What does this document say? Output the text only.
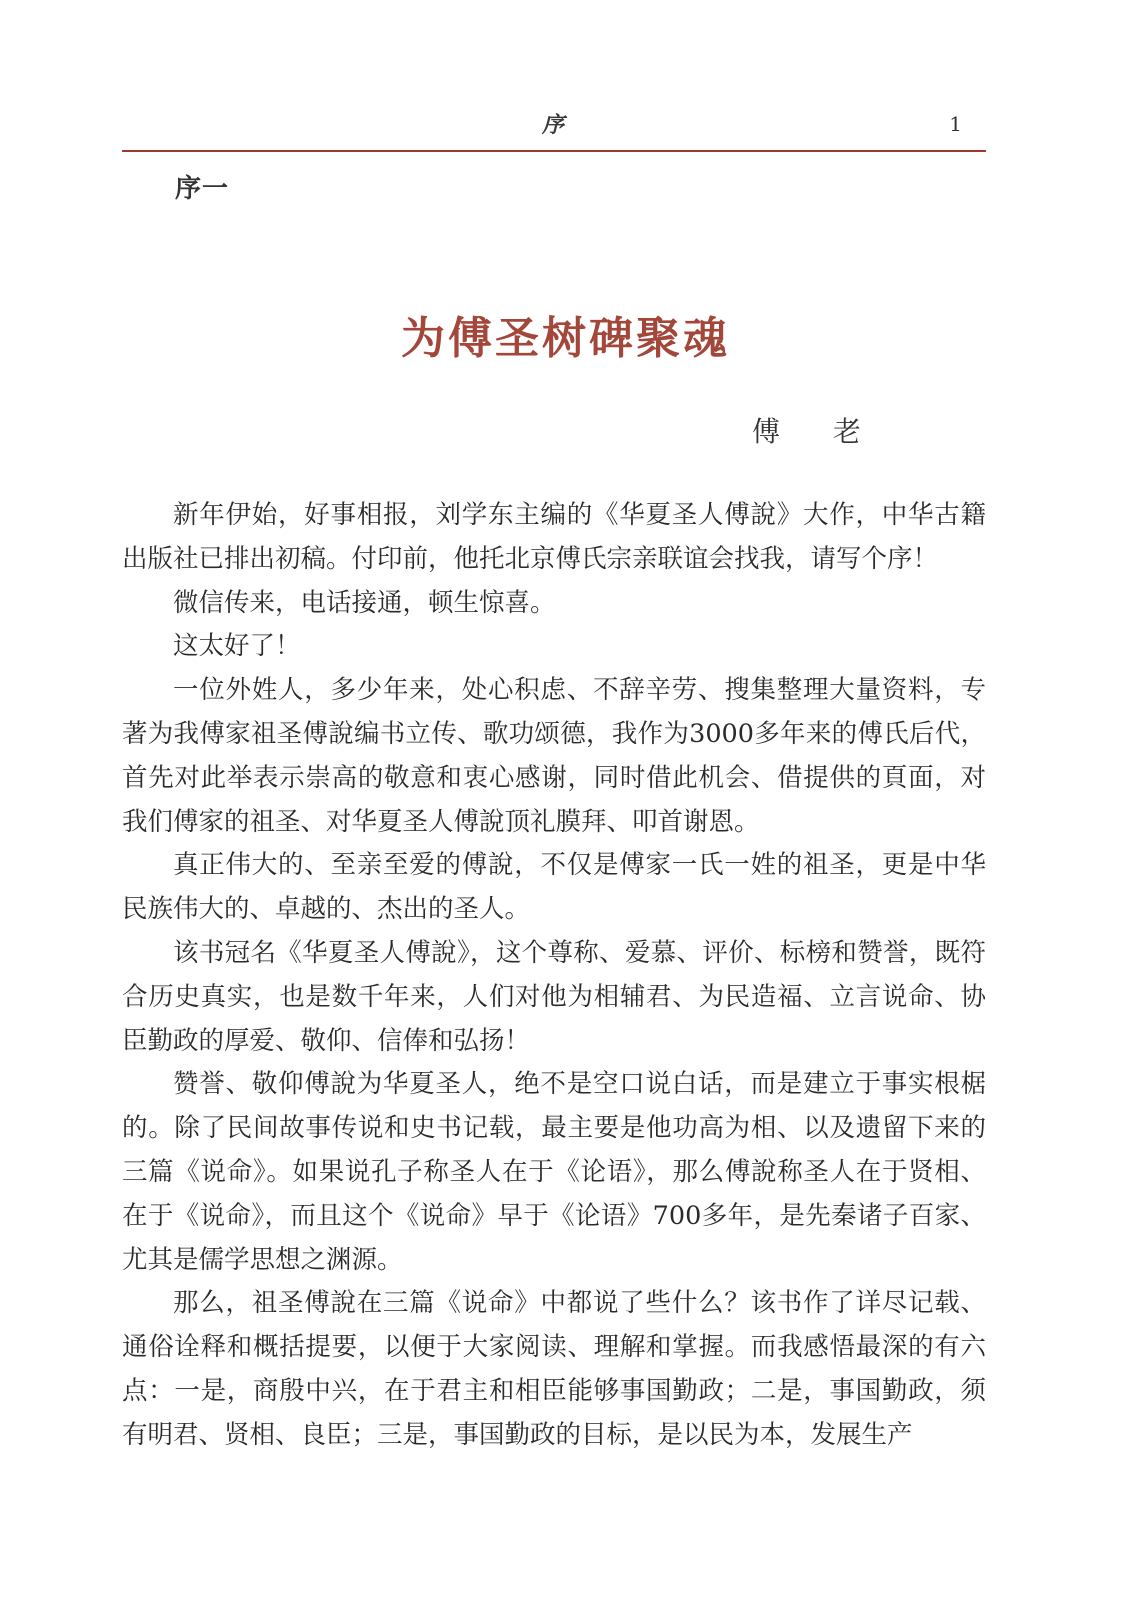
序	1
序一
为傅圣树碑聚魂
傅 老

新年伊始，好事相报，刘学东主编的《华夏圣人傅說》大作，中华古籍出版社已排出初稿。付印前，他托北京傅氏宗亲联谊会找我，请写个序！

微信传来，电话接通，顿生惊喜。

这太好了！

一位外姓人，多少年来，处心积虑、不辞辛劳、搜集整理大量资料，专著为我傅家祖圣傅說编书立传、歌功颂德，我作为3000多年来的傅氏后代，首先对此举表示崇高的敬意和衷心感谢，同时借此机会、借提供的頁面，对我们傅家的祖圣、对华夏圣人傅說顶礼膜拜、叩首谢恩。

真正伟大的、至亲至爱的傅說，不仅是傅家一氏一姓的祖圣，更是中华民族伟大的、卓越的、杰出的圣人。

该书冠名《华夏圣人傅說》，这个尊称、爱慕、评价、标榜和赞誉，既符合历史真实，也是数千年来，人们对他为相辅君、为民造福、立言说命、协臣勤政的厚爱、敬仰、信俸和弘扬！

赞誉、敬仰傅說为华夏圣人，绝不是空口说白话，而是建立于事实根椐的。除了民间故事传说和史书记载，最主要是他功高为相、以及遗留下来的三篇《说命》。如果说孔子称圣人在于《论语》，那么傅說称圣人在于贤相、在于《说命》，而且这个《说命》早于《论语》700多年，是先秦诸子百家、尤其是儒学思想之渊源。

那么，祖圣傅說在三篇《说命》中都说了些什么？该书作了详尽记载、通俗诠释和概括提要，以便于大家阅读、理解和掌握。而我感悟最深的有六点：一是，商殷中兴，在于君主和相臣能够事国勤政；二是，事国勤政，须有明君、贤相、良臣；三是，事国勤政的目标，是以民为本，发展生产
